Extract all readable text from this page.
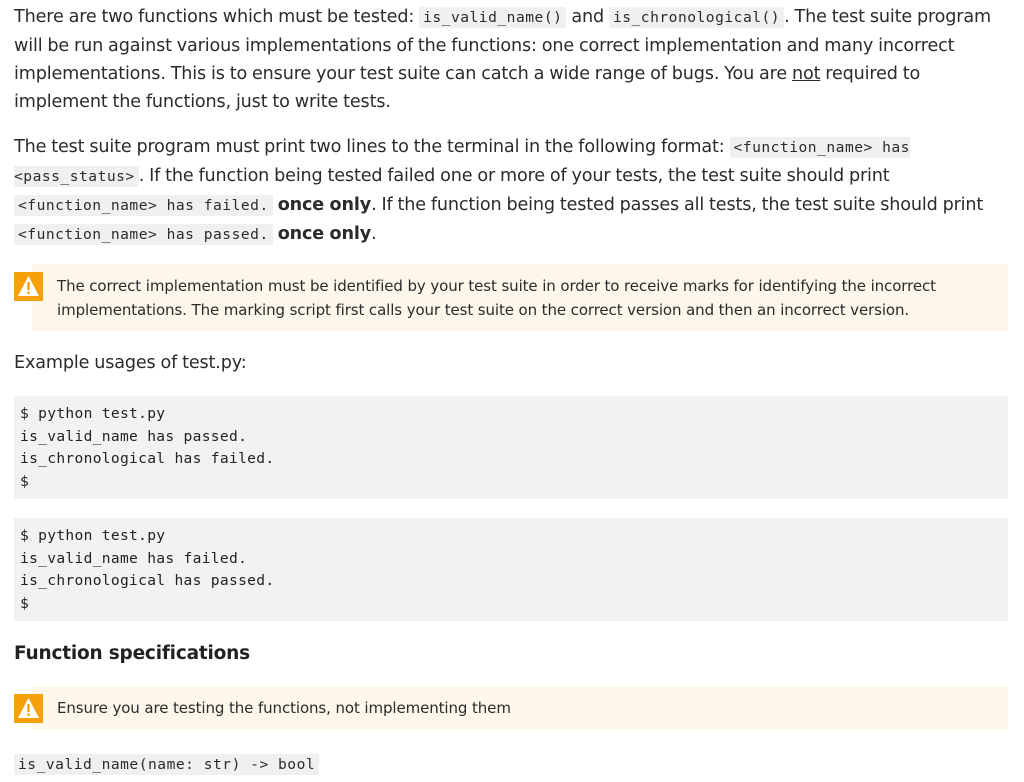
There are two functions which must be tested: is_valid_name() and is_chronological() . The test suite program will be run against various implementations of the functions: one correct implementation and many incorrect implementations. This is to ensure your test suite can catch a wide range of bugs. You are not required to implement the functions, just to write tests.

The test suite program must print two lines to the terminal in the following format: <function_name> has <pass_status> . If the function being tested failed one or more of your tests, the test suite should print <function_name> has failed. once only. If the function being tested passes all tests, the test suite should print <function_name> has passed. once only.

The correct implementation must be identified by your test suite in order to receive marks for identifying the incorrect implementations. The marking script first calls your test suite on the correct version and then an incorrect version.

Example usages of test.py:

$ python test.py
is_valid_name has passed.
is_chronological has failed.
$
$ python test.py
is_valid_name has failed.
is_chronological has passed.
$
Function specifications
Ensure you are testing the functions, not implementing them

is_valid_name(name: str) -> bool
